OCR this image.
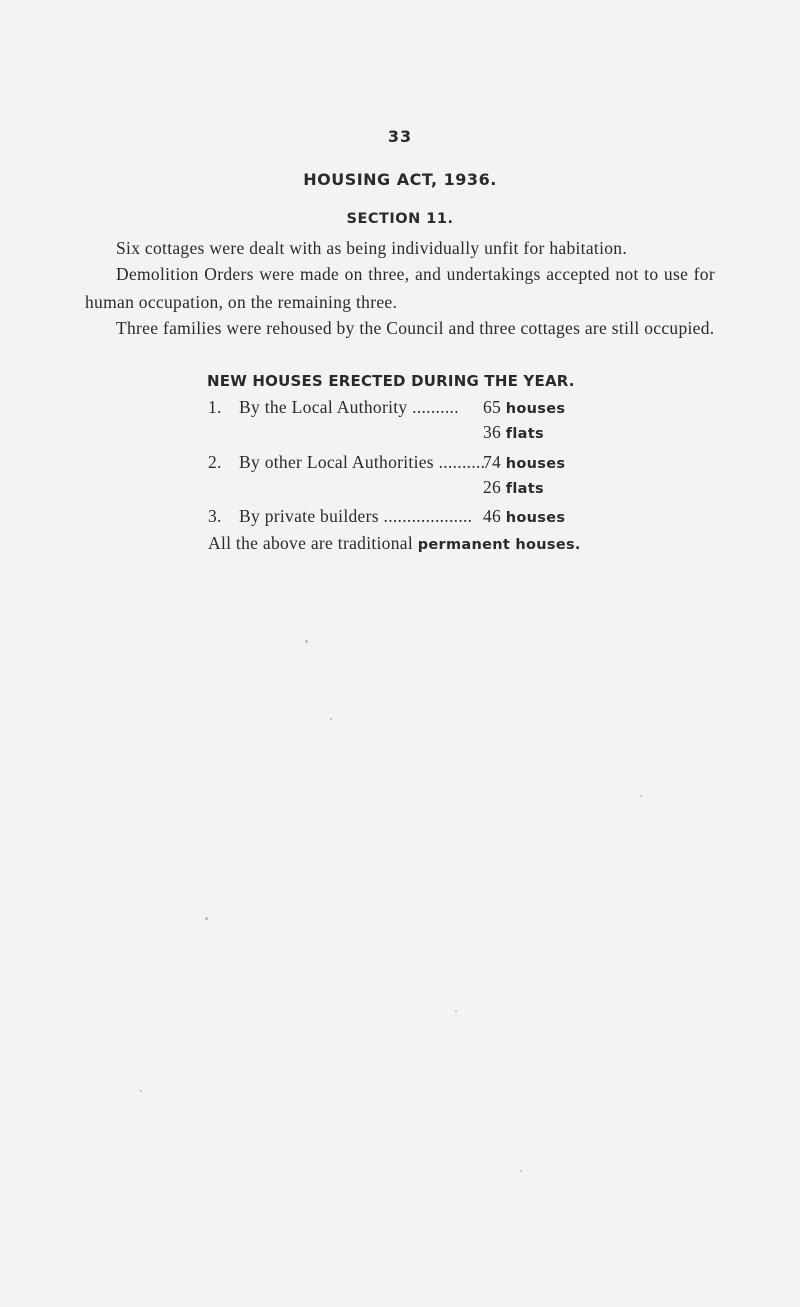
33
HOUSING ACT, 1936.
SECTION 11.

Six cottages were dealt with as being individually unfit for habitation.

Demolition Orders were made on three, and undertakings accepted not to use for human occupation, on the remaining three.

Three families were rehoused by the Council and three cottages are still occupied.

NEW HOUSES ERECTED DURING THE YEAR.
1. By the Local Authority .......... 65 houses
36 flats
2. By other Local Authorities ..........
74 houses
26 flats
3. By private builders ................... 46 houses
All the above are traditional permanent houses.
